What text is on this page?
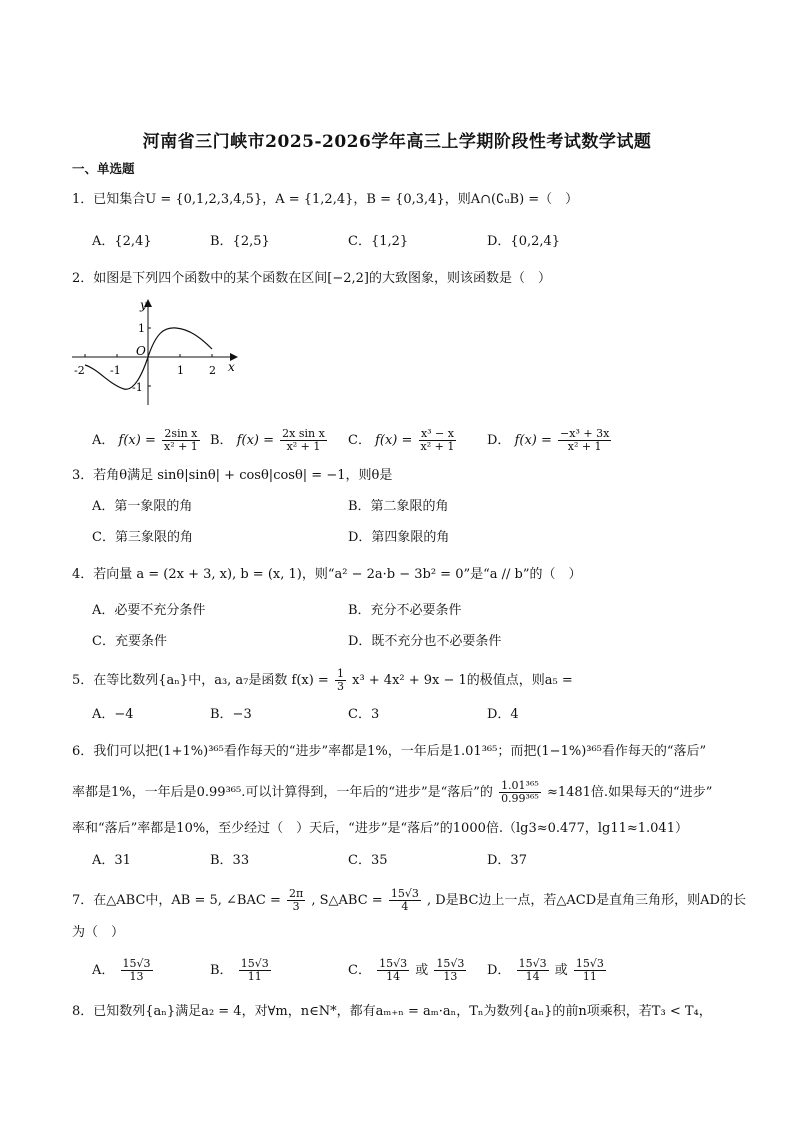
河南省三门峡市2025-2026学年高三上学期阶段性考试数学试题
一、单选题
1．已知集合U = {0,1,2,3,4,5}，A = {1,2,4}，B = {0,3,4}，则A∩(∁ᵤB) =（　）
A．{2,4}	B．{2,5}	C．{1,2}	D．{0,2,4}
2．如图是下列四个函数中的某个函数在区间[−2,2]的大致图象，则该函数是（　）
y
x
O
-2 -1	1 2
1
-1
A． $f(x) = \frac{\text{2sin x}}{\text{x² + 1}}$ B． $f(x) = \frac{\text{2x sin x}}{\text{x² + 1}}$ C． $f(x) = \frac{\text{x³ − x}}{\text{x² + 1}}$ D． $f(x) = \frac{\text{−x³ + 3x}}{\text{x² + 1}}$
3．若角θ满足 sinθ|sinθ| + cosθ|cosθ| = −1，则θ是
A．第一象限的角	B．第二象限的角
C．第三象限的角	D．第四象限的角
4．若向量 a = (2x + 3, x), b = (x, 1)，则“a² − 2a·b − 3b² = 0”是“a // b”的（　）
A．必要不充分条件	B．充分不必要条件
C．充要条件	D．既不充分也不必要条件
5．在等比数列{aₙ}中，a₃, a₇是函数 $f(x) = \frac{1}{3} x^3 + 4x^2 + 9x - 1$的极值点，则a₅ =
A．−4	B．−3	C．3	D．4
6．我们可以把(1+1%)³⁶⁵看作每天的“进步”率都是1%，一年后是1.01³⁶⁵；而把(1−1%)³⁶⁵看作每天的“落后”
率都是1%，一年后是0.99³⁶⁵.可以计算得到，一年后的“进步”是“落后”的 $\frac{\text{1.01³⁶⁵}}{\text{0.99³⁶⁵}} \approx 1481$倍.如果每天的“进步”
率和“落后”率都是10%，至少经过（　）天后，“进步”是“落后”的1000倍.（lg3≈0.477，lg11≈1.041）
A．31	B．33	C．35	D．37
7．在△ABC中，AB = 5, ∠BAC = $\frac{2\pi}{3}$ , S△ABC = $\frac{15√3}{4}$ , D是BC边上一点，若△ACD是直角三角形，则AD的长
为（　）
A． $\frac{15√3}{13}$	B． $\frac{15√3}{11}$	C． $\frac{15√3}{14}$ 或 $\frac{15√3}{13}$ D． $\frac{15√3}{14}$ 或 $\frac{15√3}{11}$
8．已知数列{aₙ}满足a₂ = 4，对∀m，n∈N*，都有aₘ₊ₙ = aₘ·aₙ，Tₙ为数列{aₙ}的前n项乘积，若T₃ < T₄，
